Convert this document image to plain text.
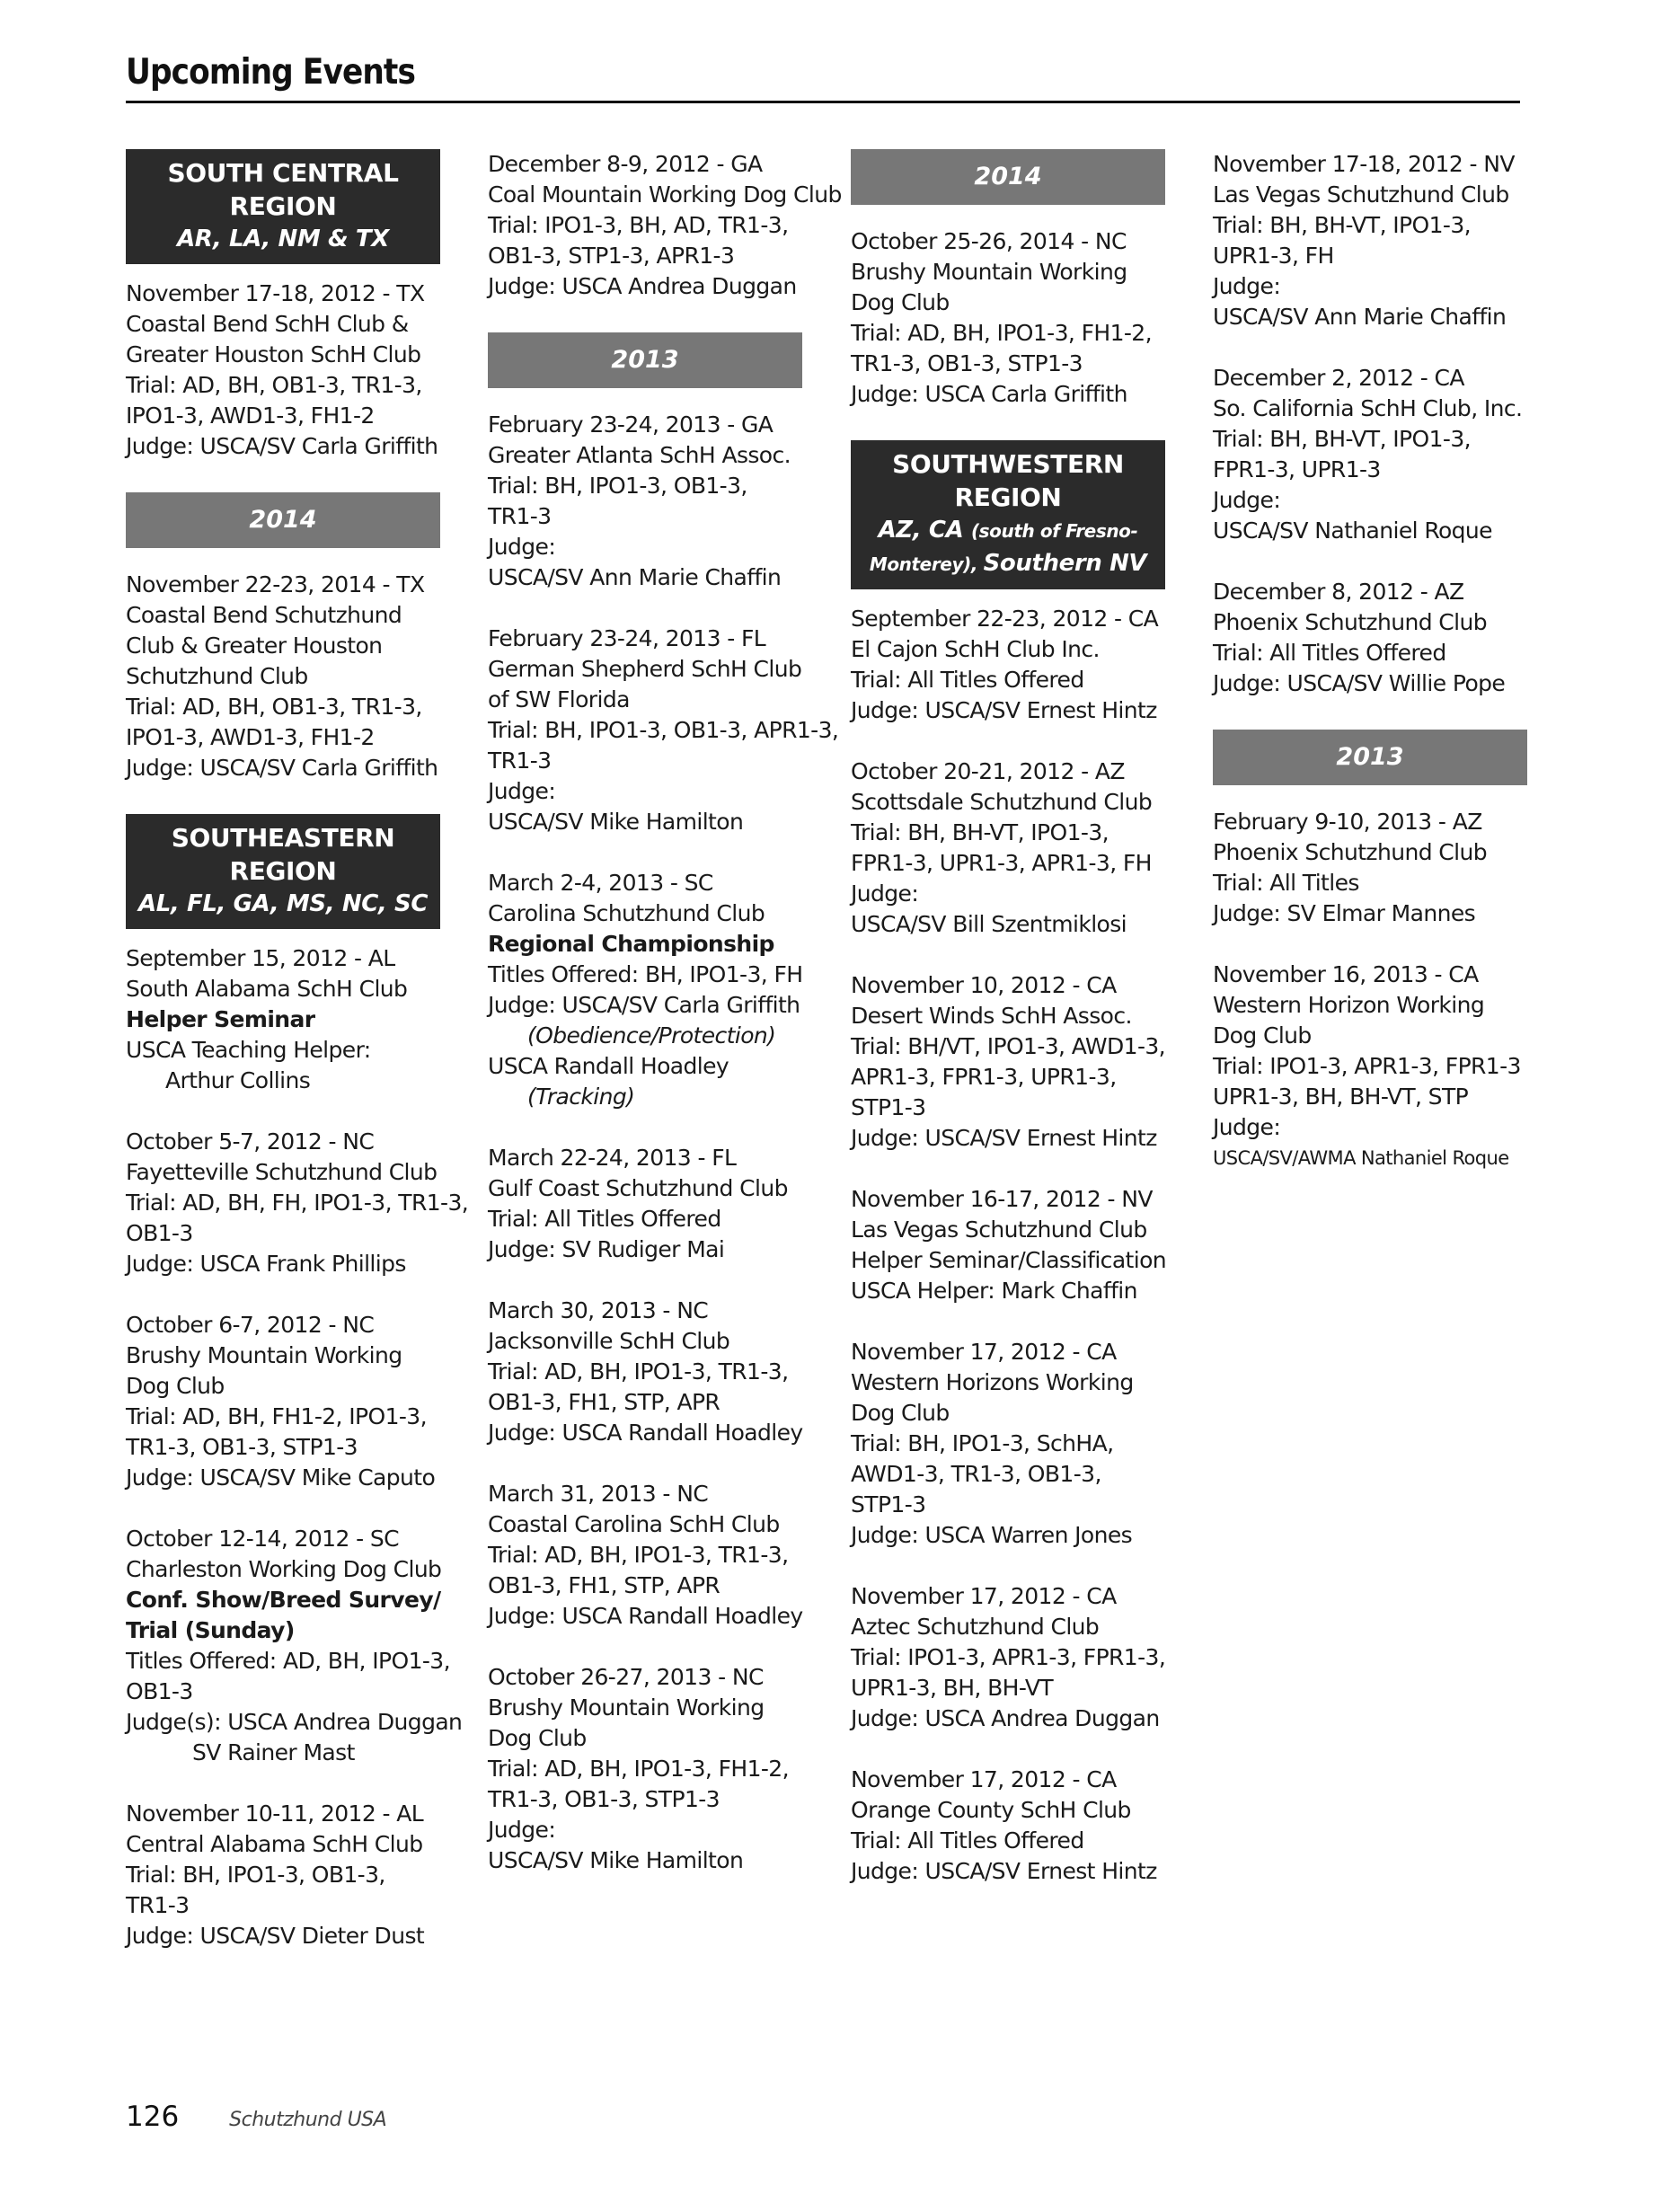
Upcoming Events
SOUTH CENTRAL
REGION
AR, LA, NM & TX
November 17-18, 2012 - TX
Coastal Bend SchH Club &
Greater Houston SchH Club
Trial: AD, BH, OB1-3, TR1-3,
IPO1-3, AWD1-3, FH1-2
Judge: USCA/SV Carla Griffith
2014
November 22-23, 2014 - TX
Coastal Bend Schutzhund
Club & Greater Houston
Schutzhund Club
Trial: AD, BH, OB1-3, TR1-3,
IPO1-3, AWD1-3, FH1-2
Judge: USCA/SV Carla Griffith
SOUTHEASTERN
REGION
AL, FL, GA, MS, NC, SC
September 15, 2012 - AL
South Alabama SchH Club
Helper Seminar
USCA Teaching Helper:
Arthur Collins
October 5-7, 2012 - NC
Fayetteville Schutzhund Club
Trial: AD, BH, FH, IPO1-3, TR1-3,
OB1-3
Judge: USCA Frank Phillips
October 6-7, 2012 - NC
Brushy Mountain Working
Dog Club
Trial: AD, BH, FH1-2, IPO1-3,
TR1-3, OB1-3, STP1-3
Judge: USCA/SV Mike Caputo
October 12-14, 2012 - SC
Charleston Working Dog Club
Conf. Show/Breed Survey/
Trial (Sunday)
Titles Offered: AD, BH, IPO1-3,
OB1-3
Judge(s): USCA Andrea Duggan
SV Rainer Mast
November 10-11, 2012 - AL
Central Alabama SchH Club
Trial: BH, IPO1-3, OB1-3,
TR1-3
Judge: USCA/SV Dieter Dust
December 8-9, 2012 - GA
Coal Mountain Working Dog Club
Trial: IPO1-3, BH, AD, TR1-3,
OB1-3, STP1-3, APR1-3
Judge: USCA Andrea Duggan
2013
February 23-24, 2013 - GA
Greater Atlanta SchH Assoc.
Trial: BH, IPO1-3, OB1-3,
TR1-3
Judge:
USCA/SV Ann Marie Chaffin
February 23-24, 2013 - FL
German Shepherd SchH Club
of SW Florida
Trial: BH, IPO1-3, OB1-3, APR1-3,
TR1-3
Judge:
USCA/SV Mike Hamilton
March 2-4, 2013 - SC
Carolina Schutzhund Club
Regional Championship
Titles Offered: BH, IPO1-3, FH
Judge: USCA/SV Carla Griffith
(Obedience/Protection)
USCA Randall Hoadley
(Tracking)
March 22-24, 2013 - FL
Gulf Coast Schutzhund Club
Trial: All Titles Offered
Judge: SV Rudiger Mai
March 30, 2013 - NC
Jacksonville SchH Club
Trial: AD, BH, IPO1-3, TR1-3,
OB1-3, FH1, STP, APR
Judge: USCA Randall Hoadley
March 31, 2013 - NC
Coastal Carolina SchH Club
Trial: AD, BH, IPO1-3, TR1-3,
OB1-3, FH1, STP, APR
Judge: USCA Randall Hoadley
October 26-27, 2013 - NC
Brushy Mountain Working
Dog Club
Trial: AD, BH, IPO1-3, FH1-2,
TR1-3, OB1-3, STP1-3
Judge:
USCA/SV Mike Hamilton
2014
October 25-26, 2014 - NC
Brushy Mountain Working
Dog Club
Trial: AD, BH, IPO1-3, FH1-2,
TR1-3, OB1-3, STP1-3
Judge: USCA Carla Griffith
SOUTHWESTERN
REGION
AZ, CA (south of Fresno-
Monterey), Southern NV
September 22-23, 2012 - CA
El Cajon SchH Club Inc.
Trial: All Titles Offered
Judge: USCA/SV Ernest Hintz
October 20-21, 2012 - AZ
Scottsdale Schutzhund Club
Trial: BH, BH-VT, IPO1-3,
FPR1-3, UPR1-3, APR1-3, FH
Judge:
USCA/SV Bill Szentmiklosi
November 10, 2012 - CA
Desert Winds SchH Assoc.
Trial: BH/VT, IPO1-3, AWD1-3,
APR1-3, FPR1-3, UPR1-3,
STP1-3
Judge: USCA/SV Ernest Hintz
November 16-17, 2012 - NV
Las Vegas Schutzhund Club
Helper Seminar/Classification
USCA Helper: Mark Chaffin
November 17, 2012 - CA
Western Horizons Working
Dog Club
Trial: BH, IPO1-3, SchHA,
AWD1-3, TR1-3, OB1-3,
STP1-3
Judge: USCA Warren Jones
November 17, 2012 - CA
Aztec Schutzhund Club
Trial: IPO1-3, APR1-3, FPR1-3,
UPR1-3, BH, BH-VT
Judge: USCA Andrea Duggan
November 17, 2012 - CA
Orange County SchH Club
Trial: All Titles Offered
Judge: USCA/SV Ernest Hintz
November 17-18, 2012 - NV
Las Vegas Schutzhund Club
Trial: BH, BH-VT, IPO1-3,
UPR1-3, FH
Judge:
USCA/SV Ann Marie Chaffin
December 2, 2012 - CA
So. California SchH Club, Inc.
Trial: BH, BH-VT, IPO1-3,
FPR1-3, UPR1-3
Judge:
USCA/SV Nathaniel Roque
December 8, 2012 - AZ
Phoenix Schutzhund Club
Trial: All Titles Offered
Judge: USCA/SV Willie Pope
2013
February 9-10, 2013 - AZ
Phoenix Schutzhund Club
Trial: All Titles
Judge: SV Elmar Mannes
November 16, 2013 - CA
Western Horizon Working
Dog Club
Trial: IPO1-3, APR1-3, FPR1-3
UPR1-3, BH, BH-VT, STP
Judge:
USCA/SV/AWMA Nathaniel Roque
126	Schutzhund USA
